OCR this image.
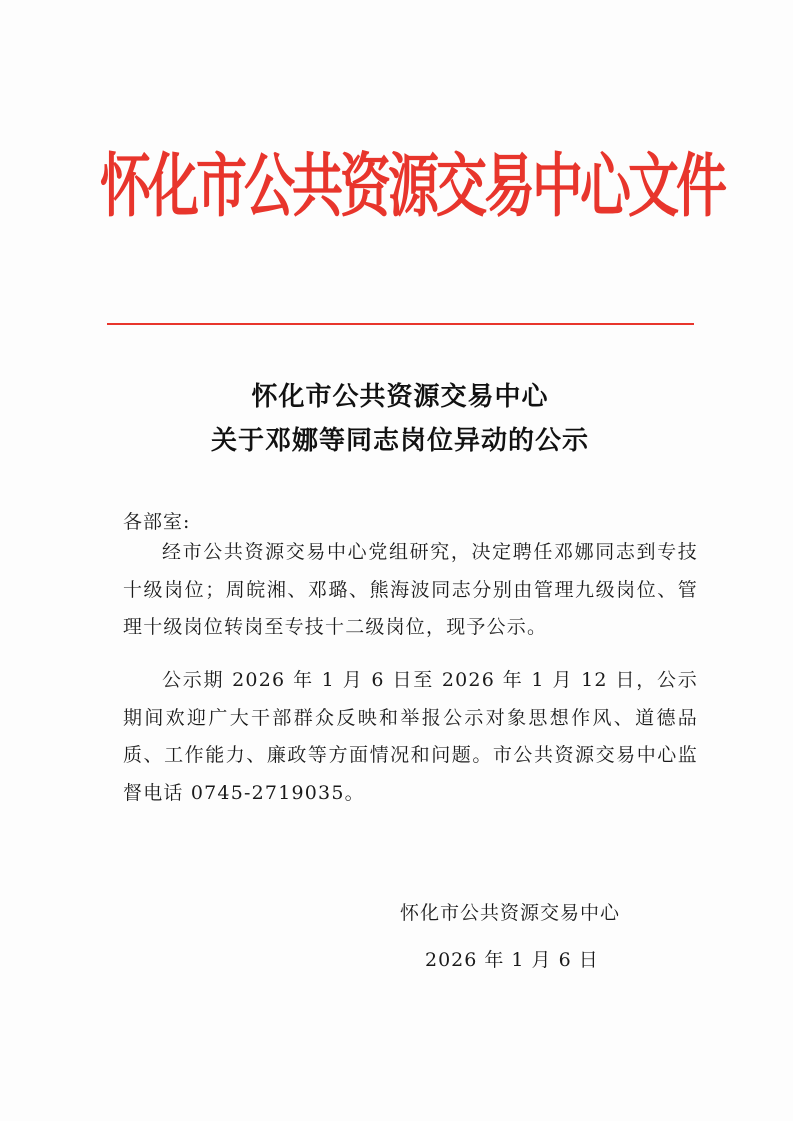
怀化市公共资源交易中心文件
怀化市公共资源交易中心
关于邓娜等同志岗位异动的公示
各部室:
经市公共资源交易中心党组研究，决定聘任邓娜同志到专技十级岗位；周皖湘、邓璐、熊海波同志分别由管理九级岗位、管理十级岗位转岗至专技十二级岗位，现予公示。
公示期 2026 年 1 月 6 日至 2026 年 1 月 12 日，公示期间欢迎广大干部群众反映和举报公示对象思想作风、道德品质、工作能力、廉政等方面情况和问题。市公共资源交易中心监督电话 0745-2719035。
怀化市公共资源交易中心
2026 年 1 月 6 日
